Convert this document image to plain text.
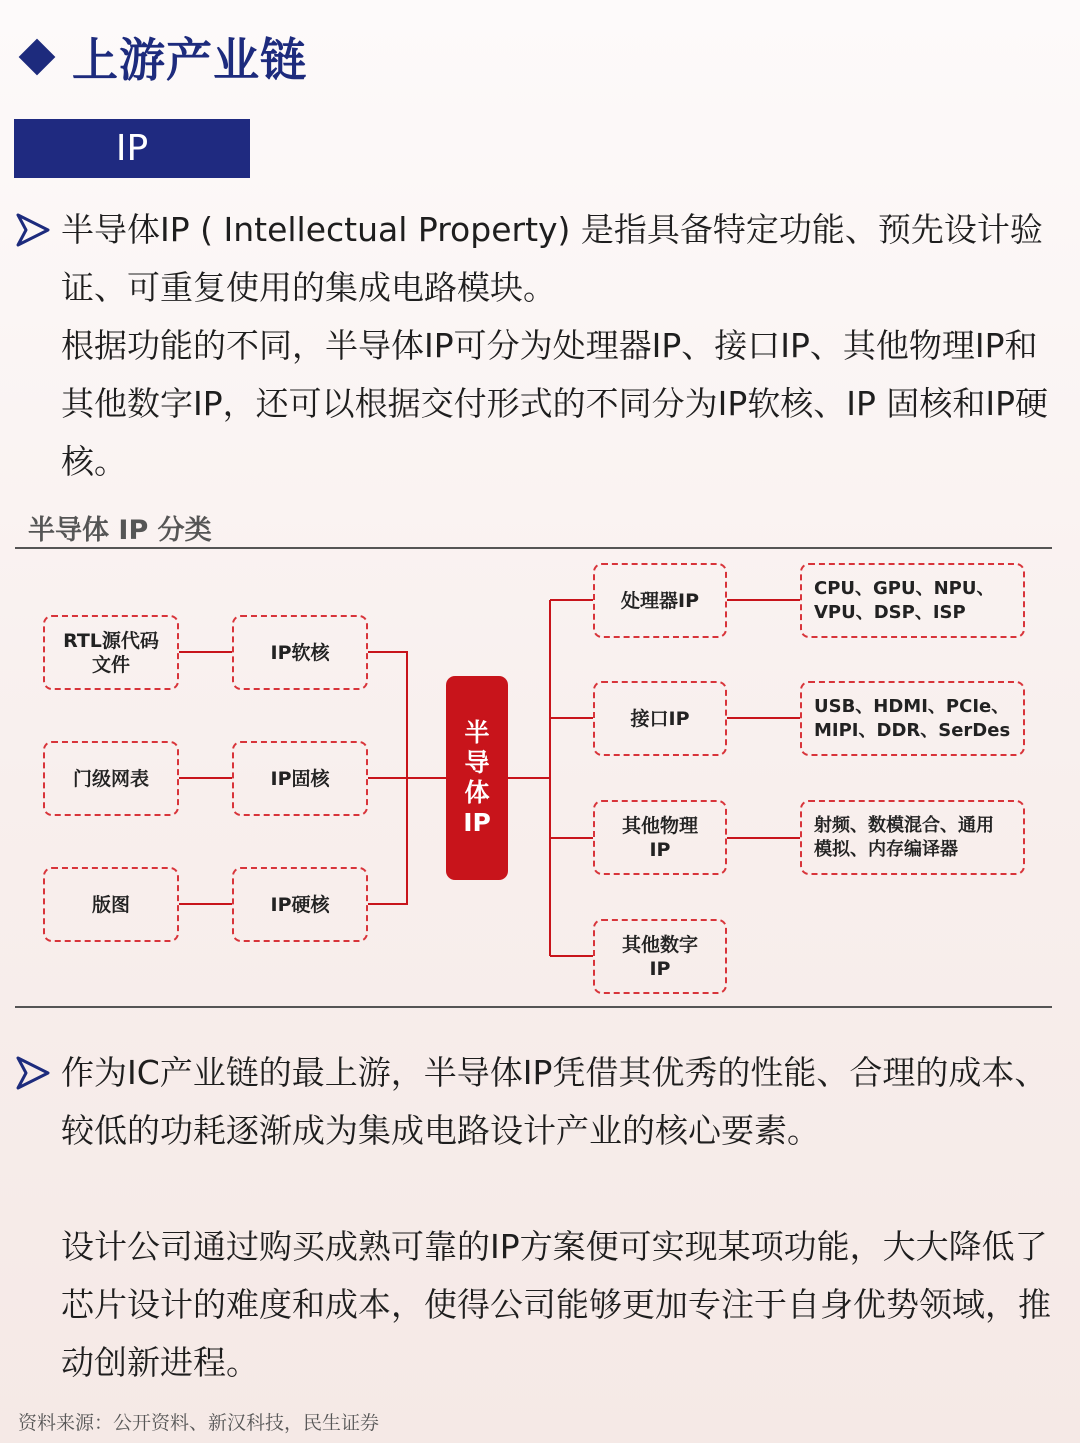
上游产业链
IP
半导体IP ( Intellectual Property) 是指具备特定功能、预先设计验证、可重复使用的集成电路模块。
根据功能的不同，半导体IP可分为处理器IP、接口IP、其他物理IP和其他数字IP，还可以根据交付形式的不同分为IP软核、IP 固核和IP硬核。
半导体 IP 分类
RTL源代码
文件
门级网表
版图
IP软核
IP固核
IP硬核
半
导
体
IP
处理器IP
接口IP
其他物理
IP
其他数字
IP
CPU、GPU、NPU、
VPU、DSP、ISP
USB、HDMI、PCIe、
MIPI、DDR、SerDes
射频、数模混合、通用
模拟、内存编译器
作为IC产业链的最上游，半导体IP凭借其优秀的性能、合理的成本、较低的功耗逐渐成为集成电路设计产业的核心要素。
设计公司通过购买成熟可靠的IP方案便可实现某项功能，大大降低了芯片设计的难度和成本，使得公司能够更加专注于自身优势领域，推动创新进程。
资料来源：公开资料、新汉科技，民生证券
